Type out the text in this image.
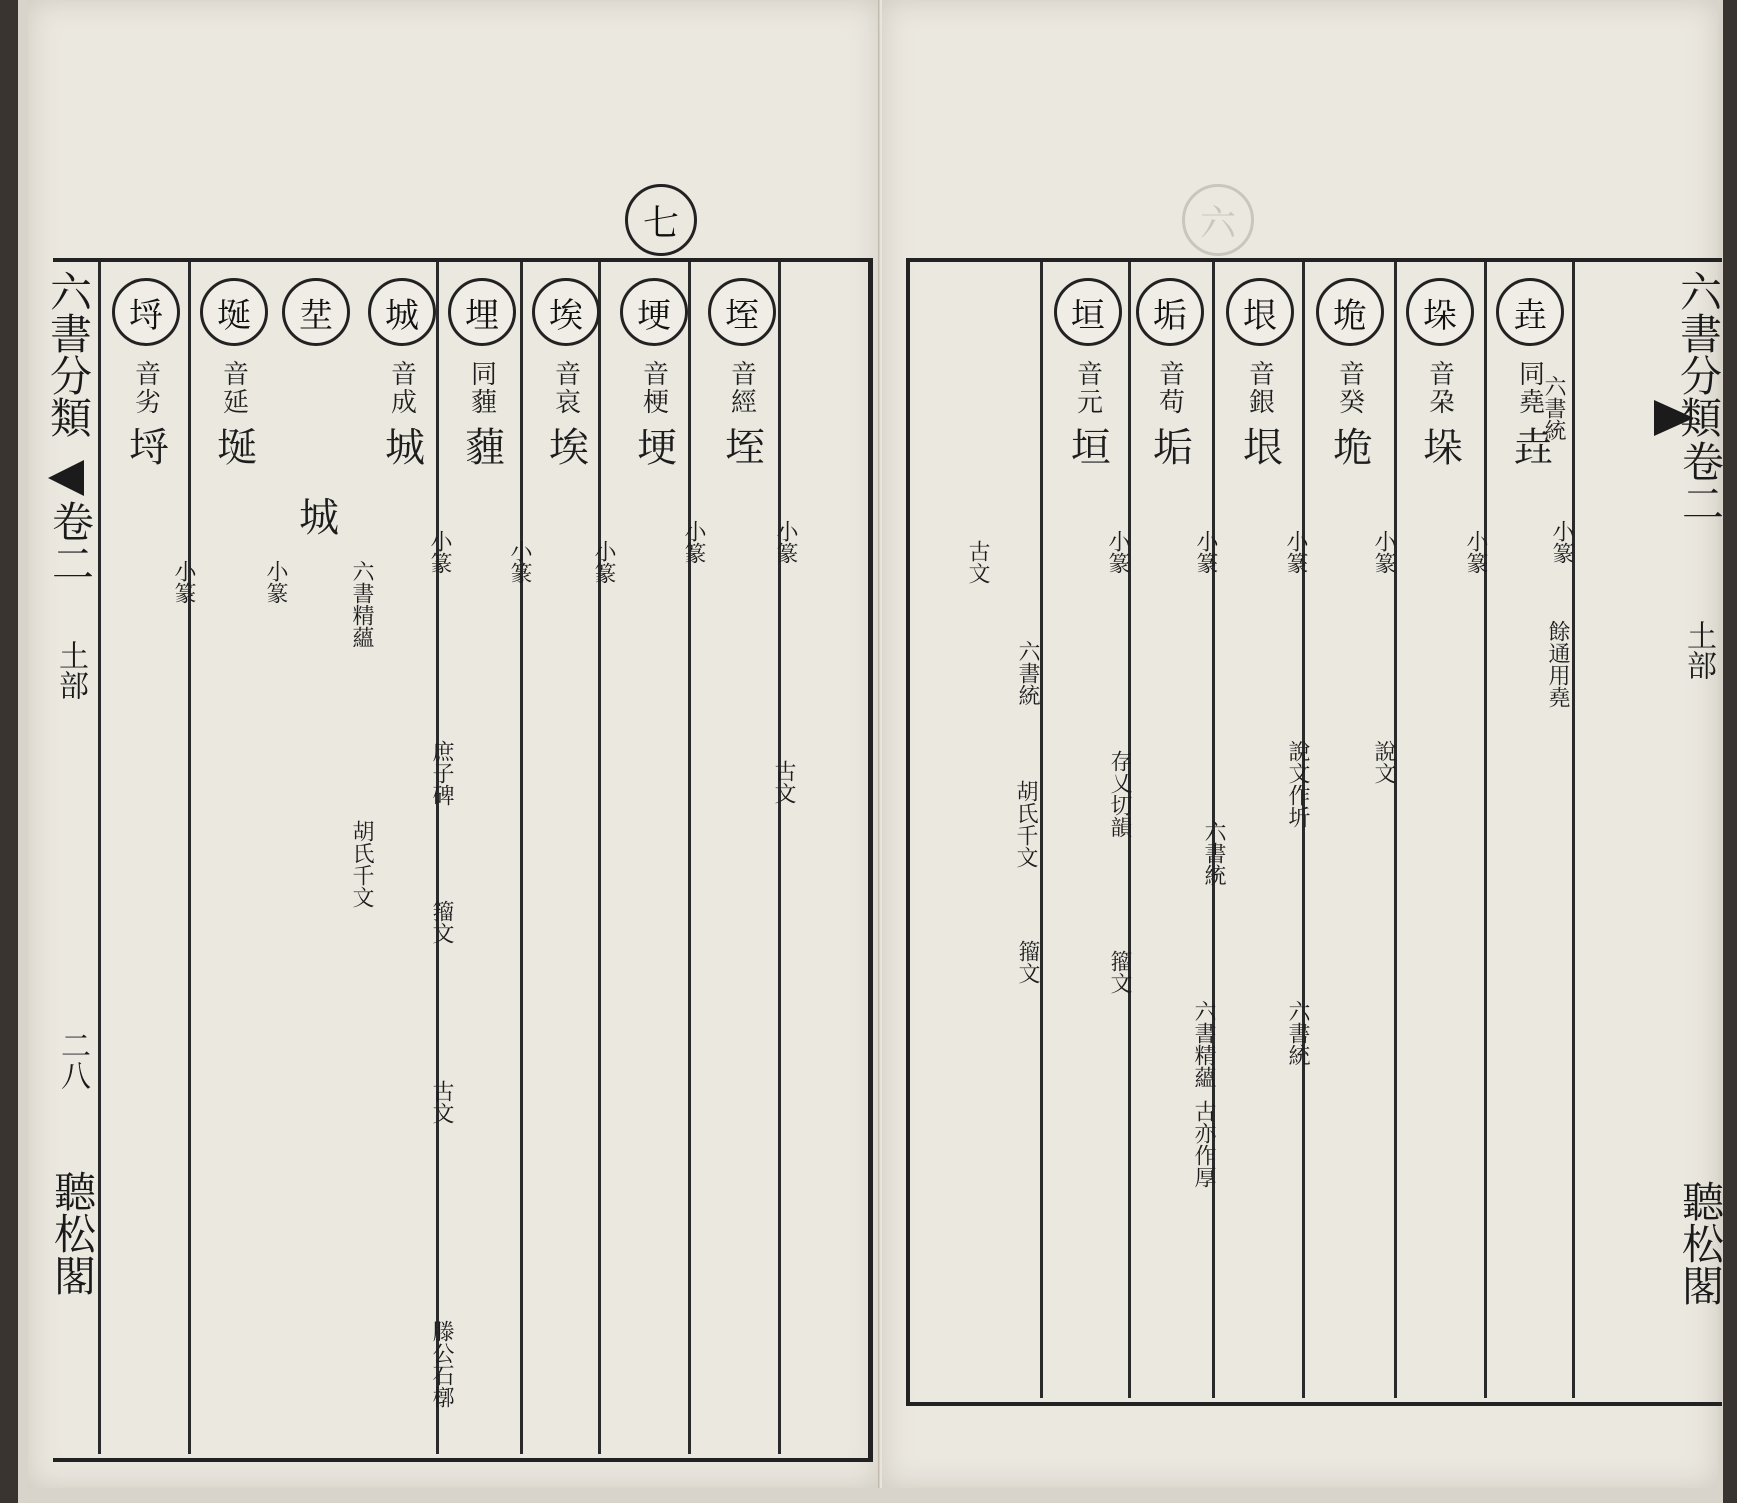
七
六書分類
卷二
土部
二八
聽松閣
垤
音經
垤
小篆
古文
埂
音梗
埂
小篆
埃
音哀
埃
小篆
埋
同薶
薶
小篆
城
音成
城
小篆
庶子碑
籀文
古文
滕公石槨
坓
城
六書精蘊
胡氏千文
埏
音延
埏
小篆
埒
音劣
埒
小篆
六
六書分類
卷二
土部
聽松閣
垚
同堯
垚
六書統
小篆
餘通用堯
垛
音朶
垛
小篆
垝
音癸
垝
小篆
說文
垠
音銀
垠
小篆
說文作圻
六書統
垢
音苟
垢
小篆
存乂切韻
六書統
籀文
六書精蘊
古亦作厚
垣
音元
垣
小篆
六書統
籀文
胡氏千文
古文
